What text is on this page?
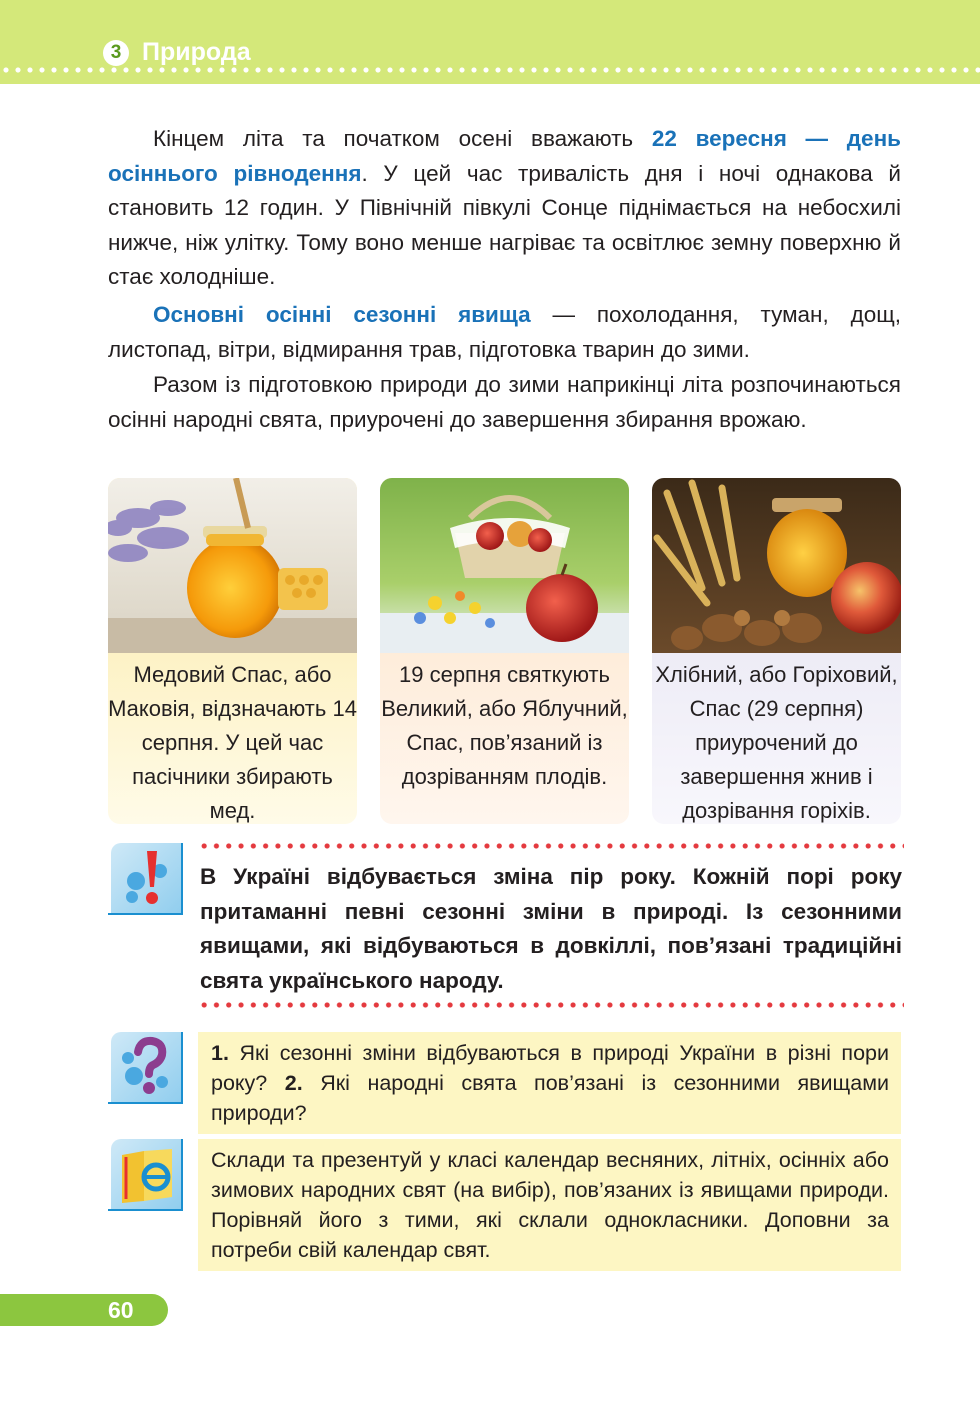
3 Природа

Кінцем літа та початком осені вважають 22 вересня — день осіннього рівнодення. У цей час тривалість дня і ночі однакова й становить 12 годин. У Північній півкулі Сонце піднімається на небосхилі нижче, ніж улітку. Тому воно менше нагріває та освітлює земну поверхню й стає холодніше.

Основні осінні сезонні явища — похолодання, туман, дощ, листопад, вітри, відмирання трав, підготовка тварин до зими.

Разом із підготовкою природи до зими наприкінці літа розпочинаються осінні народні свята, приурочені до завершення збирання врожаю.

Медовий Спас, або Маковія, відзначають 14 серпня. У цей час пасічники збирають мед.
19 серпня святкують Великий, або Яблучний, Спас, пов’язаний із дозріванням плодів.
Хлібний, або Горіховий, Спас (29 серпня) приурочений до завершення жнив і дозрівання горіхів.

В Україні відбувається зміна пір року. Кожній порі року притаманні певні сезонні зміни в природі. Із сезонними явищами, які відбуваються в довкіллі, пов’язані традиційні свята українського народу.

1. Які сезонні зміни відбуваються в природі України в різні пори року? 2. Які народні свята пов’язані із сезонними явищами природи?
Склади та презентуй у класі календар весняних, літніх, осінніх або зимових народних свят (на вибір), пов’язаних із явищами природи. Порівняй його з тими, які склали однокласники. Доповни за потреби свій календар свят.
60
